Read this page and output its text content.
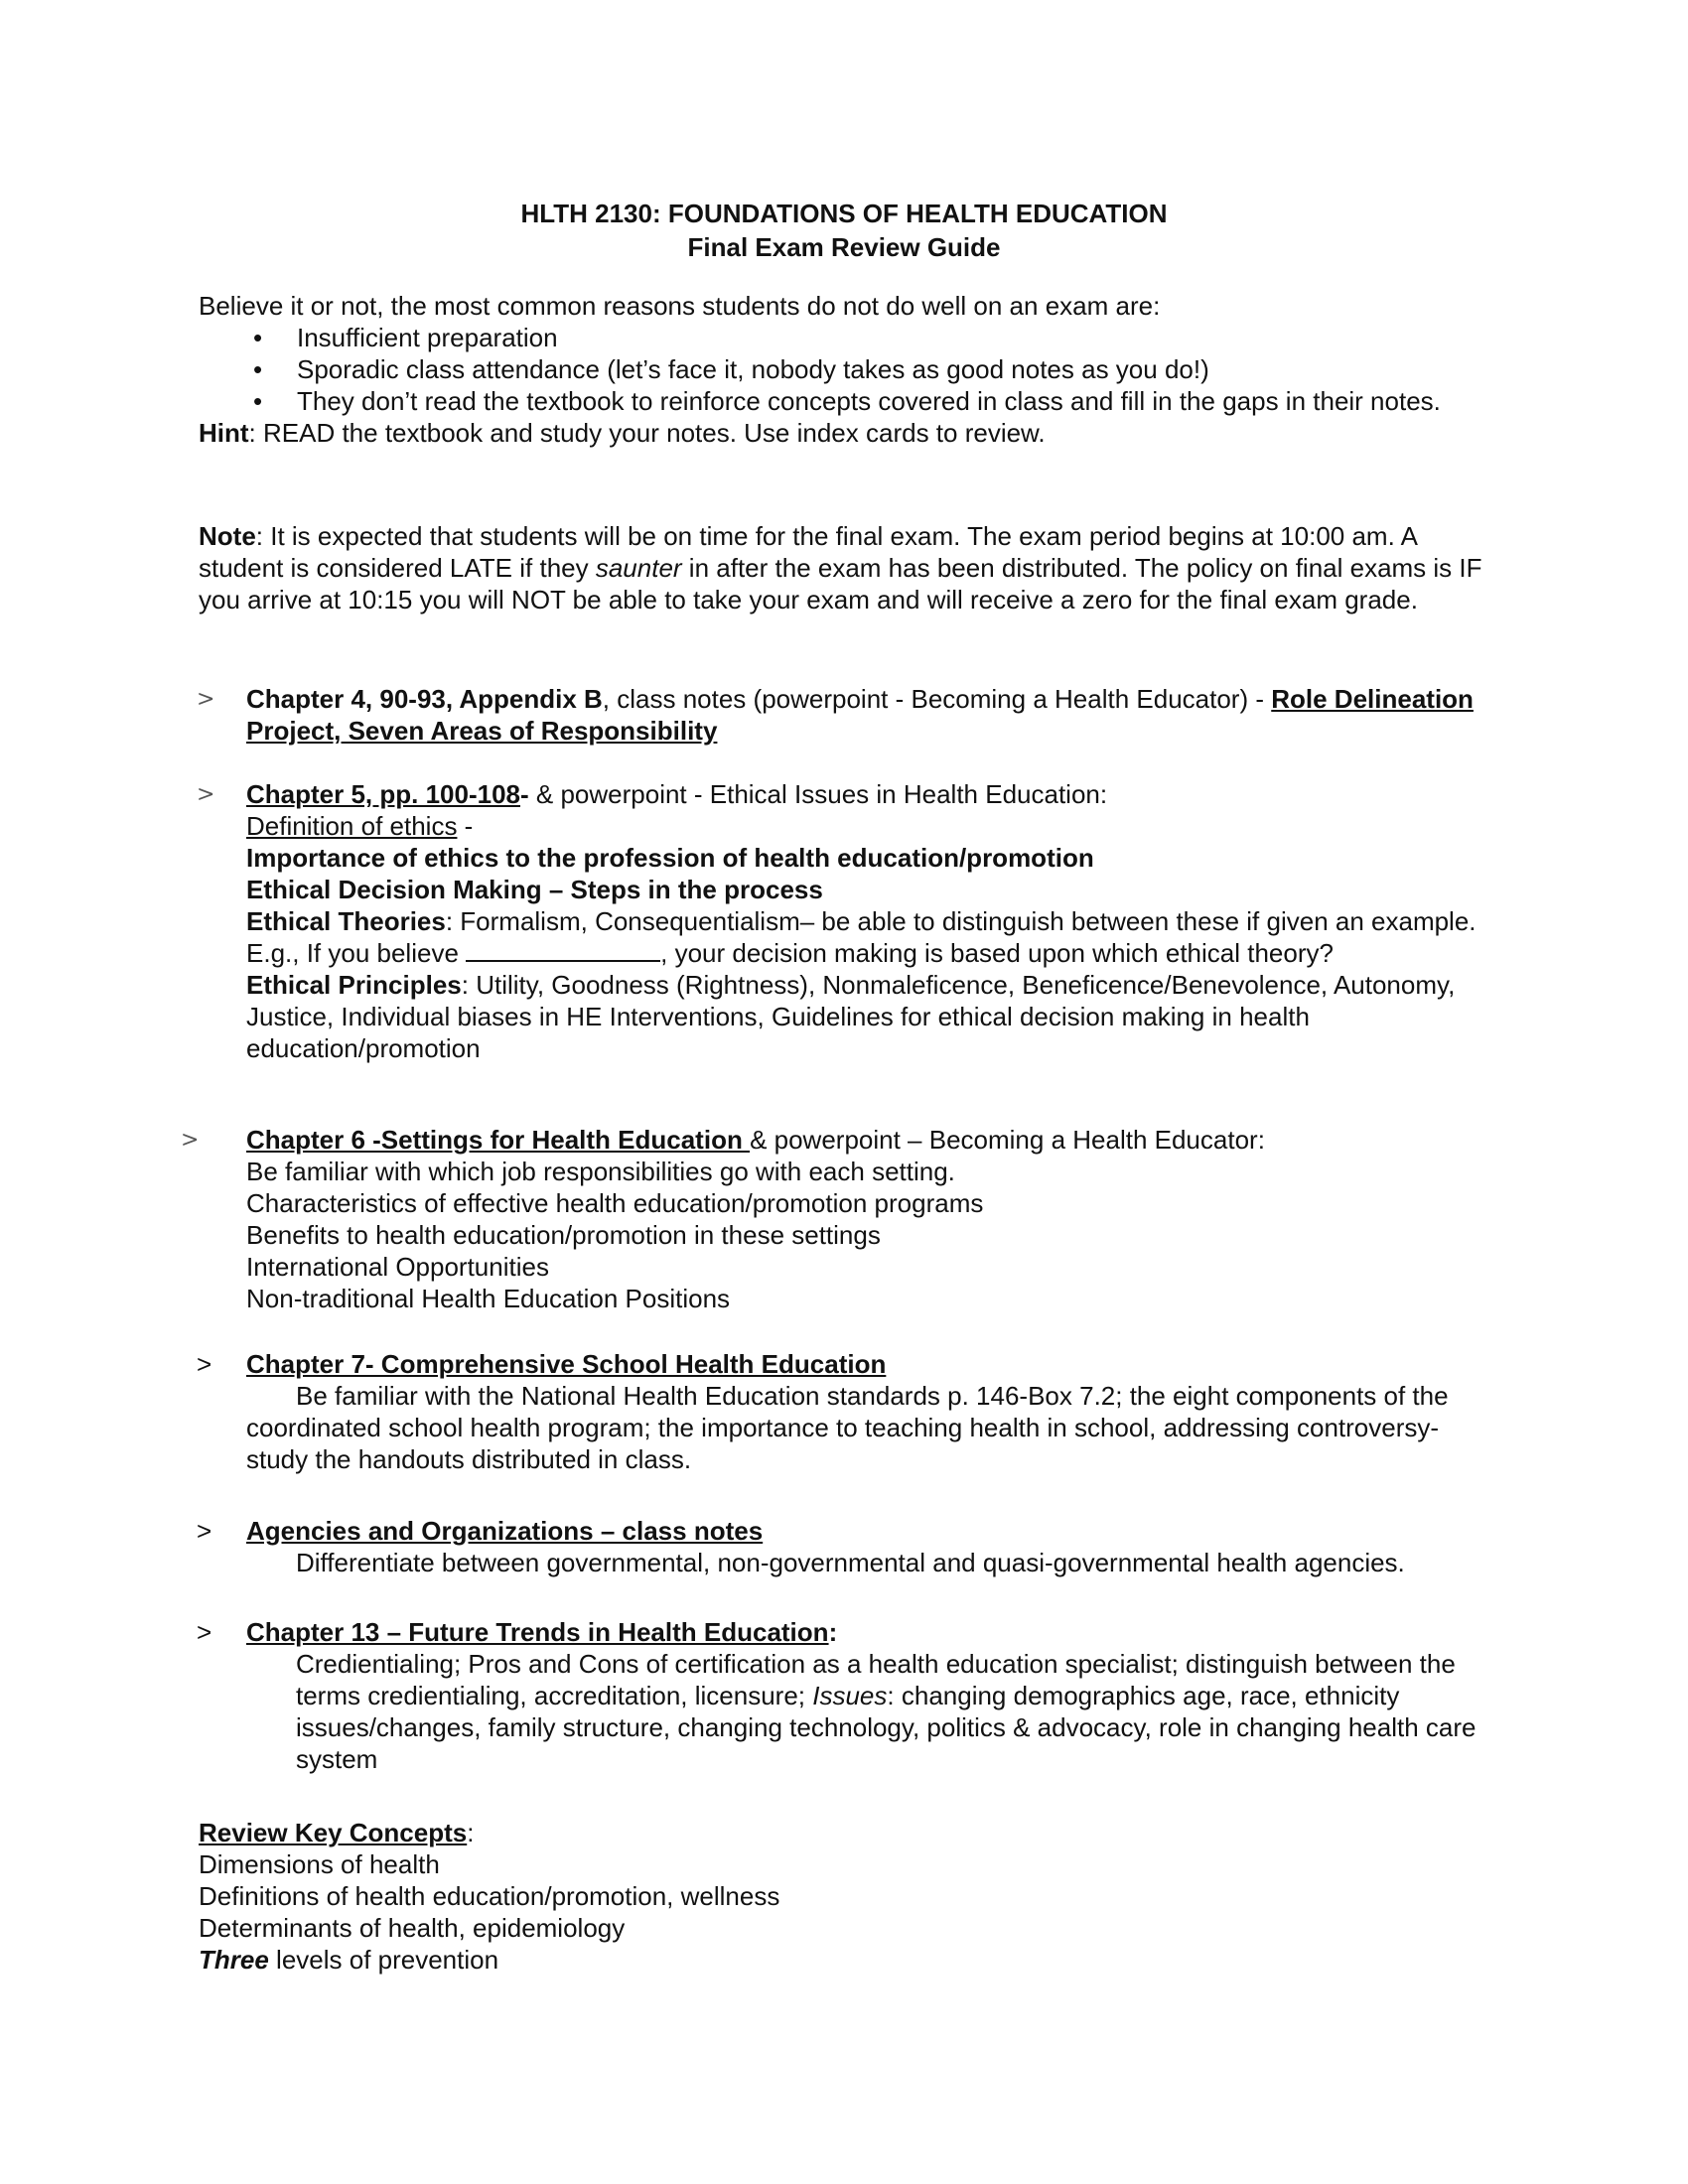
HLTH 2130: FOUNDATIONS OF HEALTH EDUCATION
Final Exam Review Guide

Believe it or not, the most common reasons students do not do well on an exam are:

• Insufficient preparation
• Sporadic class attendance (let’s face it, nobody takes as good notes as you do!)
• They don’t read the textbook to reinforce concepts covered in class and fill in the gaps in their notes.

Hint: READ the textbook and study your notes. Use index cards to review.

Note: It is expected that students will be on time for the final exam. The exam period begins at 10:00 am. A student is considered LATE if they saunter in after the exam has been distributed. The policy on final exams is IF you arrive at 10:15 you will NOT be able to take your exam and will receive a zero for the final exam grade.

> Chapter 4, 90-93, Appendix B, class notes (powerpoint - Becoming a Health Educator) - Role Delineation Project, Seven Areas of Responsibility

> Chapter 5, pp. 100-108- & powerpoint - Ethical Issues in Health Education:

Definition of ethics -

Importance of ethics to the profession of health education/promotion

Ethical Decision Making – Steps in the process

Ethical Theories: Formalism, Consequentialism– be able to distinguish between these if given an example. E.g., If you believe	, your decision making is based upon which ethical theory?

Ethical Principles: Utility, Goodness (Rightness), Nonmaleficence, Beneficence/Benevolence, Autonomy, Justice, Individual biases in HE Interventions, Guidelines for ethical decision making in health education/promotion

> Chapter 6 -Settings for Health Education & powerpoint – Becoming a Health Educator:

Be familiar with which job responsibilities go with each setting.

Characteristics of effective health education/promotion programs

Benefits to health education/promotion in these settings

International Opportunities

Non-traditional Health Education Positions

> Chapter 7- Comprehensive School Health Education

Be familiar with the National Health Education standards p. 146-Box 7.2; the eight components of the coordinated school health program; the importance to teaching health in school, addressing controversy-study the handouts distributed in class.

> Agencies and Organizations – class notes

Differentiate between governmental, non-governmental and quasi-governmental health agencies.

> Chapter 13 – Future Trends in Health Education:

Credientialing; Pros and Cons of certification as a health education specialist; distinguish between the terms credientialing, accreditation, licensure; Issues: changing demographics age, race, ethnicity issues/changes, family structure, changing technology, politics & advocacy, role in changing health care system

Review Key Concepts:

Dimensions of health

Definitions of health education/promotion, wellness

Determinants of health, epidemiology

Three levels of prevention
